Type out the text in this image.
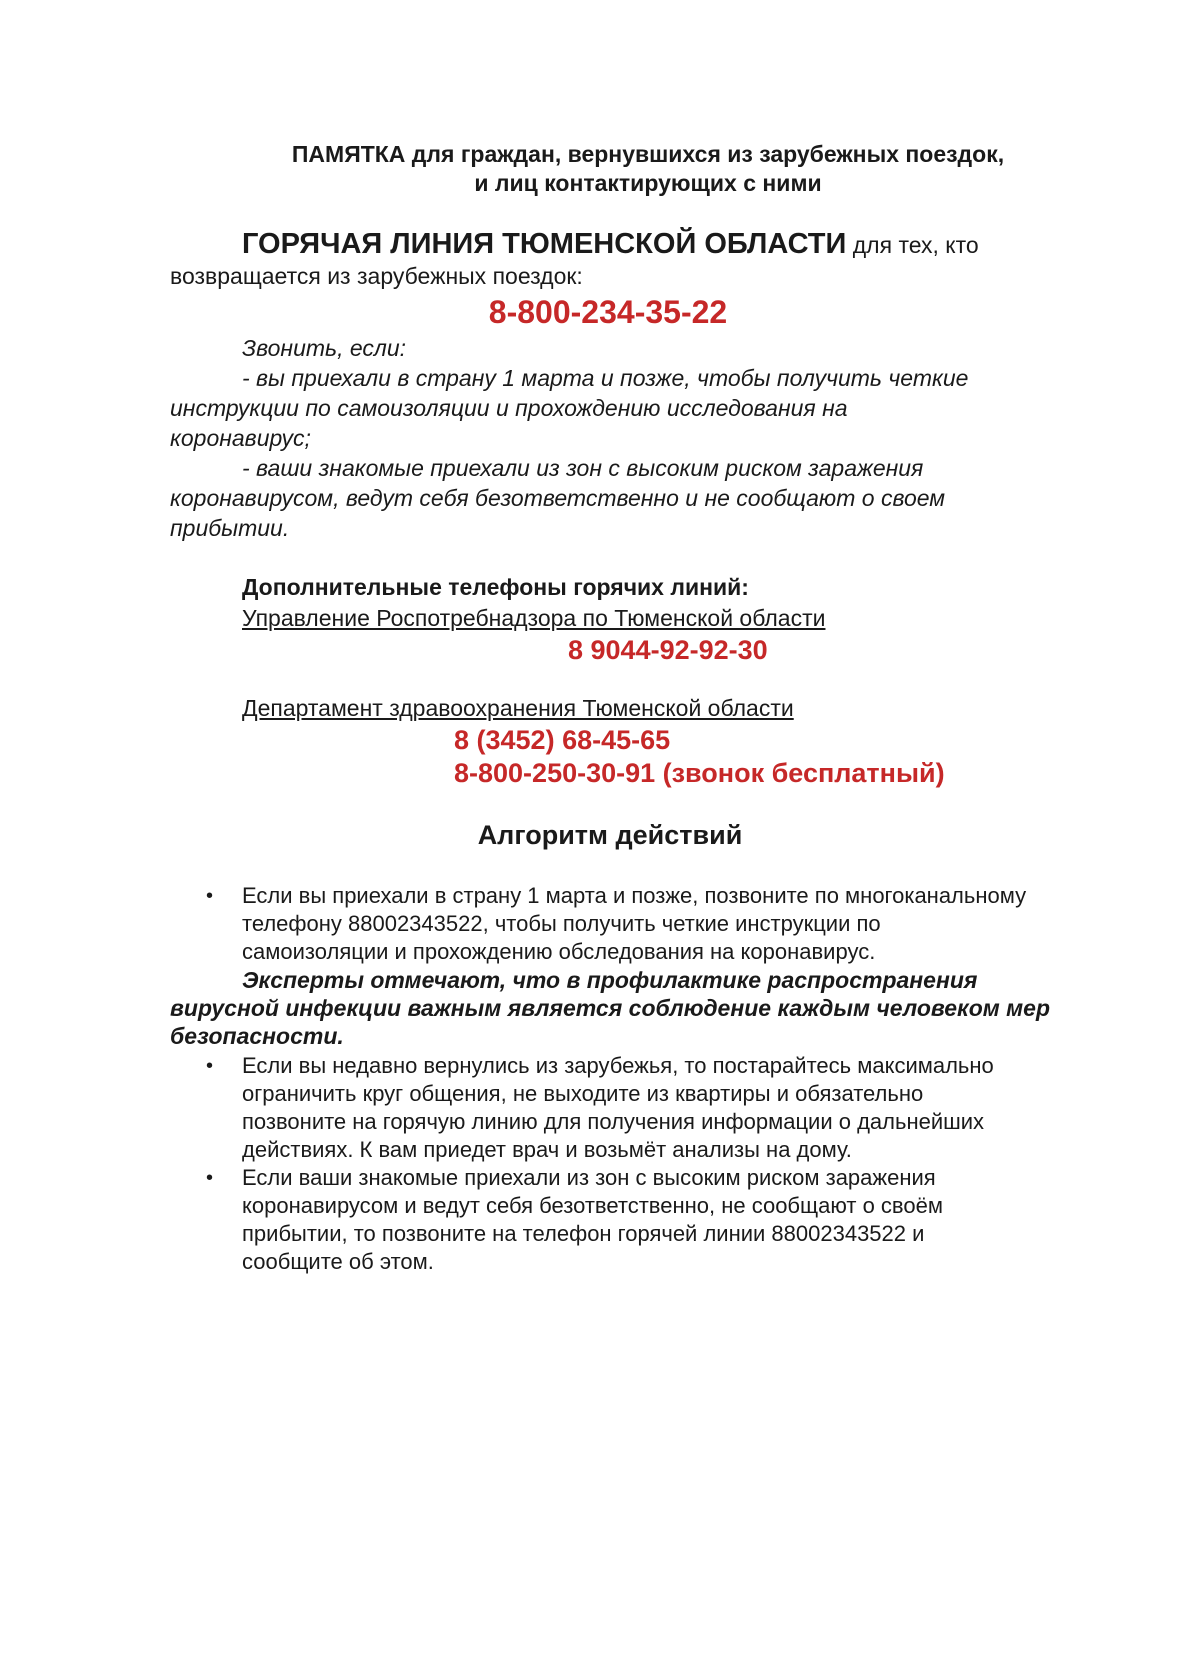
ПАМЯТКА для граждан, вернувшихся из зарубежных поездок,
и лиц контактирующих с ними
ГОРЯЧАЯ ЛИНИЯ ТЮМЕНСКОЙ ОБЛАСТИ для тех, кто
возвращается из зарубежных поездок:
8-800-234-35-22
Звонить, если:
- вы приехали в страну 1 марта и позже, чтобы получить четкие
инструкции по самоизоляции и прохождению исследования на
коронавирус;
- ваши знакомые приехали из зон с высоким риском заражения
коронавирусом, ведут себя безответственно и не сообщают о своем
прибытии.
Дополнительные телефоны горячих линий:
Управление Роспотребнадзора по Тюменской области
8 9044-92-92-30
Департамент здравоохранения Тюменской области
8 (3452) 68-45-65
8-800-250-30-91 (звонок бесплатный)
Алгоритм действий
• Если вы приехали в страну 1 марта и позже, позвоните по многоканальному
телефону 88002343522, чтобы получить четкие инструкции по
самоизоляции и прохождению обследования на коронавирус.
Эксперты отмечают, что в профилактике распространения
вирусной инфекции важным является соблюдение каждым человеком мер
безопасности.
• Если вы недавно вернулись из зарубежья, то постарайтесь максимально
ограничить круг общения, не выходите из квартиры и обязательно
позвоните на горячую линию для получения информации о дальнейших
действиях. К вам приедет врач и возьмёт анализы на дому.
• Если ваши знакомые приехали из зон с высоким риском заражения
коронавирусом и ведут себя безответственно, не сообщают о своём
прибытии, то позвоните на телефон горячей линии 88002343522 и
сообщите об этом.
